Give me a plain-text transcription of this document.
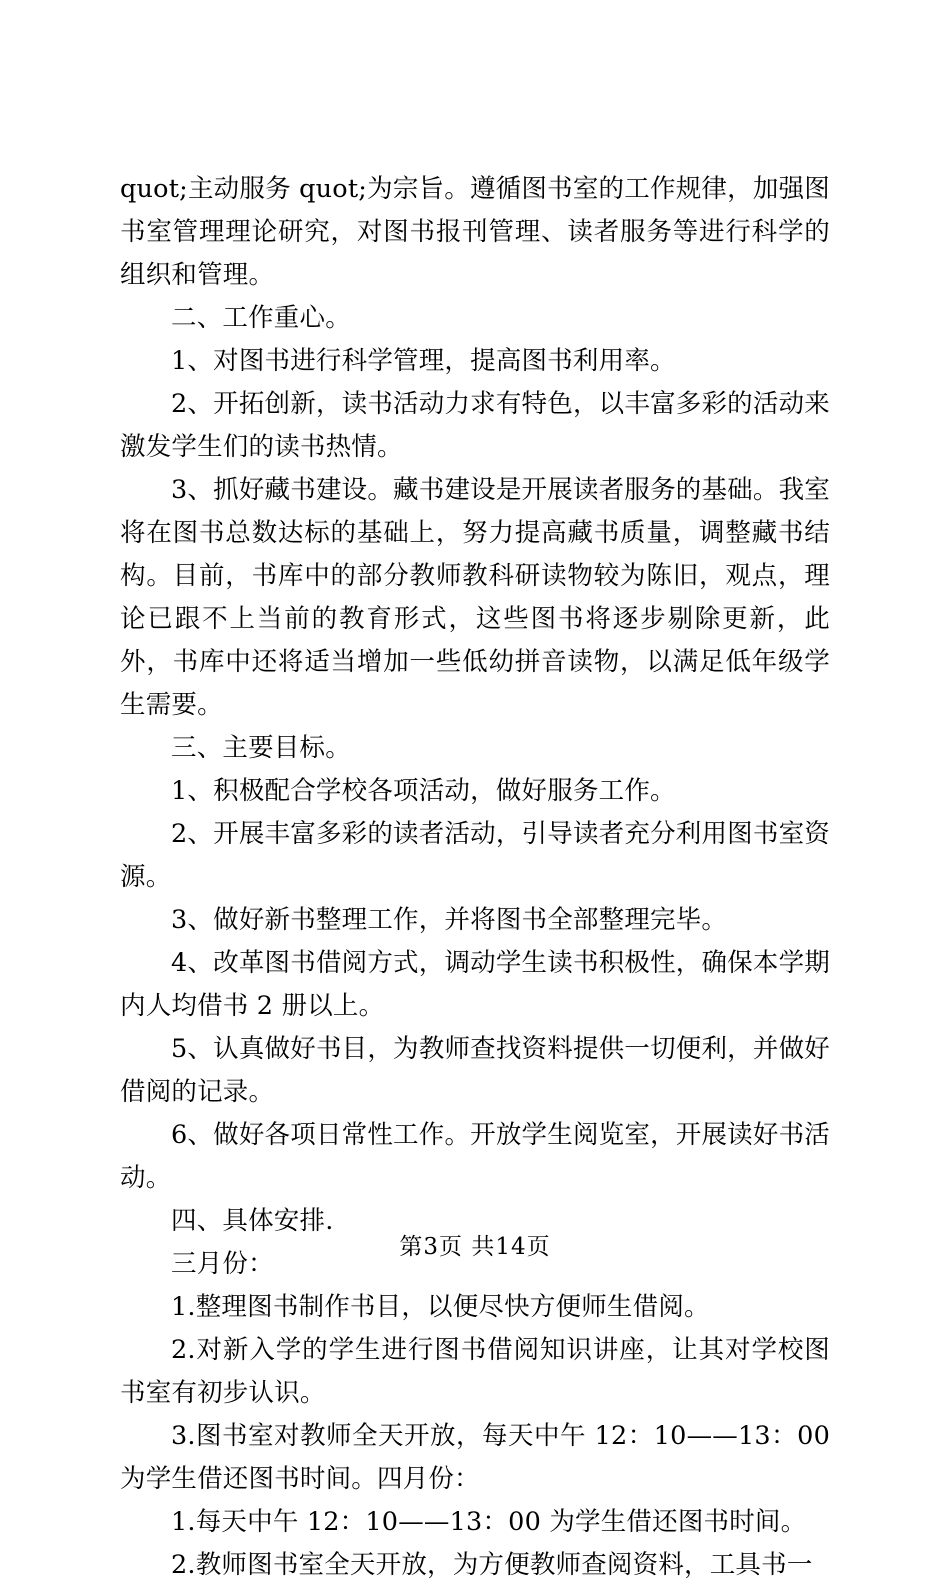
quot;主动服务 quot;为宗旨。遵循图书室的工作规律，加强图书室管理理论研究，对图书报刊管理、读者服务等进行科学的组织和管理。

二、工作重心。

1、对图书进行科学管理，提高图书利用率。

2、开拓创新，读书活动力求有特色，以丰富多彩的活动来激发学生们的读书热情。

3、抓好藏书建设。藏书建设是开展读者服务的基础。我室将在图书总数达标的基础上，努力提高藏书质量，调整藏书结构。目前，书库中的部分教师教科研读物较为陈旧，观点，理论已跟不上当前的教育形式，这些图书将逐步剔除更新，此外，书库中还将适当增加一些低幼拼音读物，以满足低年级学生需要。

三、主要目标。

1、积极配合学校各项活动，做好服务工作。

2、开展丰富多彩的读者活动，引导读者充分利用图书室资源。

3、做好新书整理工作，并将图书全部整理完毕。

4、改革图书借阅方式，调动学生读书积极性，确保本学期内人均借书 2 册以上。

5、认真做好书目，为教师查找资料提供一切便利，并做好借阅的记录。

6、做好各项日常性工作。开放学生阅览室，开展读好书活动。

四、具体安排.

三月份：

1.整理图书制作书目，以便尽快方便师生借阅。

2.对新入学的学生进行图书借阅知识讲座，让其对学校图书室有初步认识。

3.图书室对教师全天开放，每天中午 12：10——13：00 为学生借还图书时间。四月份：

1.每天中午 12：10——13：00 为学生借还图书时间。

2.教师图书室全天开放，为方便教师查阅资料，工具书一

第3页 共14页
